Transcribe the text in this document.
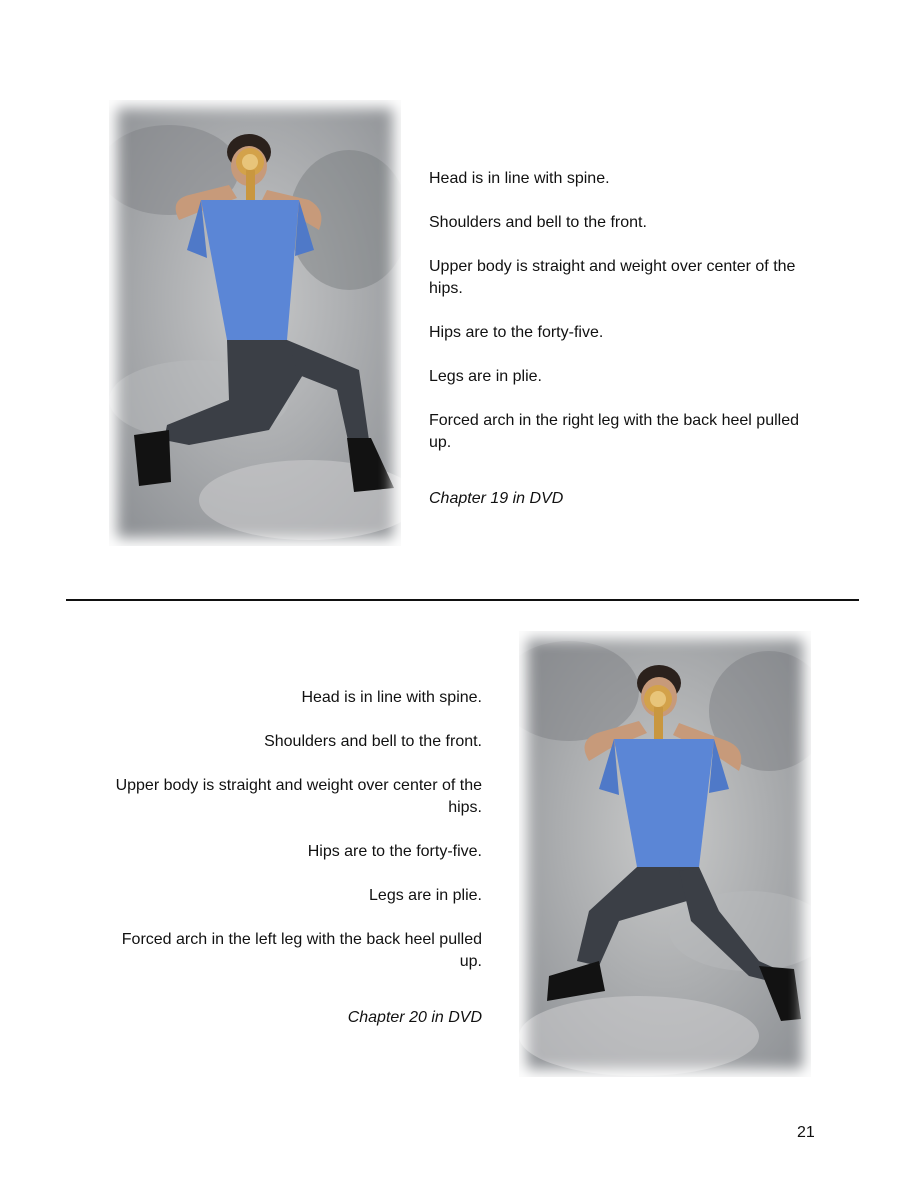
Head is in line with spine.

Shoulders and bell to the front.

Upper body is straight and weight over center of the hips.

Hips are to the forty-five.

Legs are in plie.

Forced arch in the right leg with the back heel pulled up.

Chapter 19 in DVD

Head is in line with spine.

Shoulders and bell to the front.

Upper body is straight and weight over center of the hips.

Hips are to the forty-five.

Legs are in plie.

Forced arch in the left leg with the back heel pulled up.

Chapter 20 in DVD

21
